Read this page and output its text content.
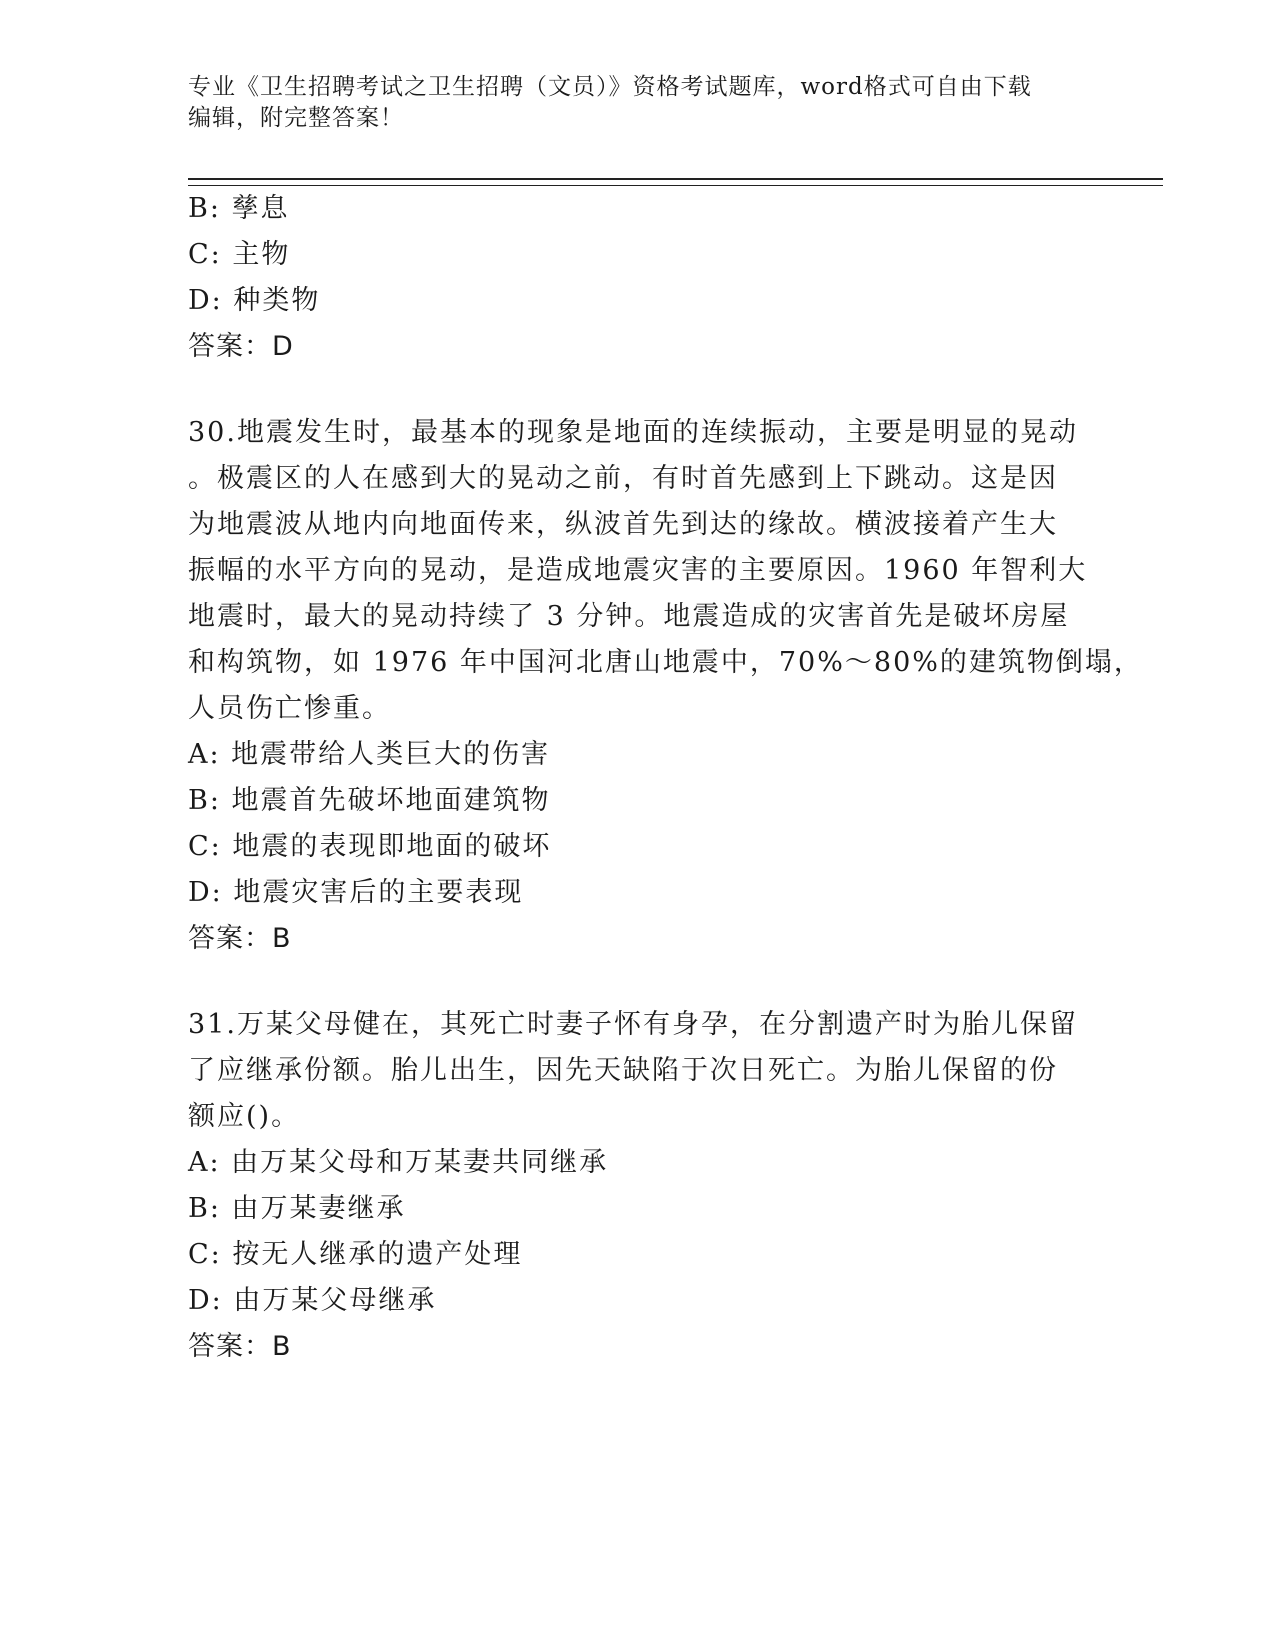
专业《卫生招聘考试之卫生招聘（文员）》资格考试题库，word格式可自由下载
编辑，附完整答案！
B: 孳息
C: 主物
D: 种类物
答案：D
30.地震发生时，最基本的现象是地面的连续振动，主要是明显的晃动
。极震区的人在感到大的晃动之前，有时首先感到上下跳动。这是因
为地震波从地内向地面传来，纵波首先到达的缘故。横波接着产生大
振幅的水平方向的晃动，是造成地震灾害的主要原因。1960 年智利大
地震时，最大的晃动持续了 3 分钟。地震造成的灾害首先是破坏房屋
和构筑物，如 1976 年中国河北唐山地震中，70%～80%的建筑物倒塌，
人员伤亡惨重。
A: 地震带给人类巨大的伤害
B: 地震首先破坏地面建筑物
C: 地震的表现即地面的破坏
D: 地震灾害后的主要表现
答案：B
31.万某父母健在，其死亡时妻子怀有身孕，在分割遗产时为胎儿保留
了应继承份额。胎儿出生，因先天缺陷于次日死亡。为胎儿保留的份
额应()。
A: 由万某父母和万某妻共同继承
B: 由万某妻继承
C: 按无人继承的遗产处理
D: 由万某父母继承
答案：B
